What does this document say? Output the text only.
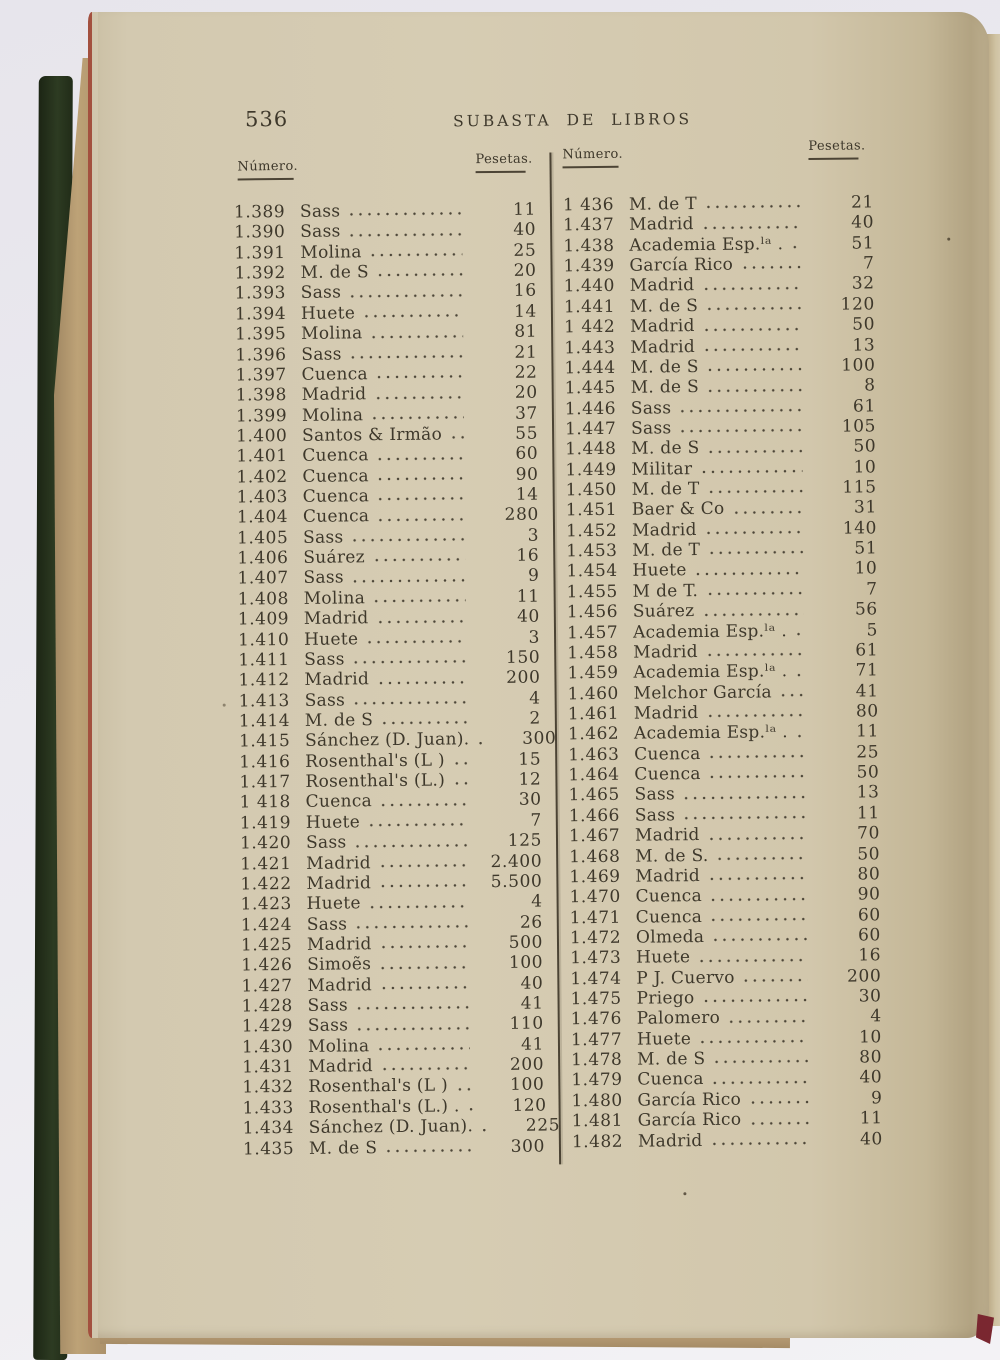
536	SUBASTA DE LIBROS
Número.	Pesetas. Número.
Pesetas.
1.389 Sass	11
1.390 Sass	40
1.391 Molina	25
1.392 M. de S	20
1.393 Sass	16
1.394 Huete	14
1.395 Molina	81
1.396 Sass	21
1.397 Cuenca	22
1.398 Madrid	20
1.399 Molina	37
1.400 Santos & Irmão	55
1.401 Cuenca	60
1.402 Cuenca	90
1.403 Cuenca	14
1.404 Cuenca	280
1.405 Sass	3
1.406 Suárez	16
1.407 Sass	9
1.408 Molina	11
1.409 Madrid	40
1.410 Huete	3
1.411 Sass	150
1.412 Madrid	200
1.413 Sass	4
1.414 M. de S	2
1.415 Sánchez (D. Juan).	300
1.416 Rosenthal's (L )	15
1.417 Rosenthal's (L.)	12
1 418 Cuenca	30
1.419 Huete	7
1.420 Sass	125
1.421 Madrid	2.400
1.422 Madrid	5.500
1.423 Huete	4
1.424 Sass	26
1.425 Madrid	500
1.426 Simoẽs	100
1.427 Madrid	40
1.428 Sass	41
1.429 Sass	110
1.430 Molina	41
1.431 Madrid	200
1.432 Rosenthal's (L )	100
1.433 Rosenthal's (L.) .	120
1.434 Sánchez (D. Juan).	225
1.435 M. de S	300
1 436 M. de T	21
1.437 Madrid	40
1.438 Academia Esp.ˡᵃ .	51
1.439 García Rico	7
1.440 Madrid	32
1.441 M. de S	120
1 442 Madrid	50
1.443 Madrid	13
1.444 M. de S	100
1.445 M. de S	8
1.446 Sass	61
1.447 Sass	105
1.448 M. de S	50
1.449 Militar	10
1.450 M. de T	115
1.451 Baer & Co	31
1.452 Madrid	140
1.453 M. de T	51
1.454 Huete	10
1.455 M de T.	7
1.456 Suárez	56
1.457 Academia Esp.ˡᵃ .	5
1.458 Madrid	61
1.459 Academia Esp.ˡᵃ .	71
1.460 Melchor García	41
1.461 Madrid	80
1.462 Academia Esp.ˡᵃ .	11
1.463 Cuenca	25
1.464 Cuenca	50
1.465 Sass	13
1.466 Sass	11
1.467 Madrid	70
1.468 M. de S.	50
1.469 Madrid	80
1.470 Cuenca	90
1.471 Cuenca	60
1.472 Olmeda	60
1.473 Huete	16
1.474 P J. Cuervo	200
1.475 Priego	30
1.476 Palomero	4
1.477 Huete	10
1.478 M. de S	80
1.479 Cuenca	40
1.480 García Rico	9
1.481 García Rico	11
1.482 Madrid	40
